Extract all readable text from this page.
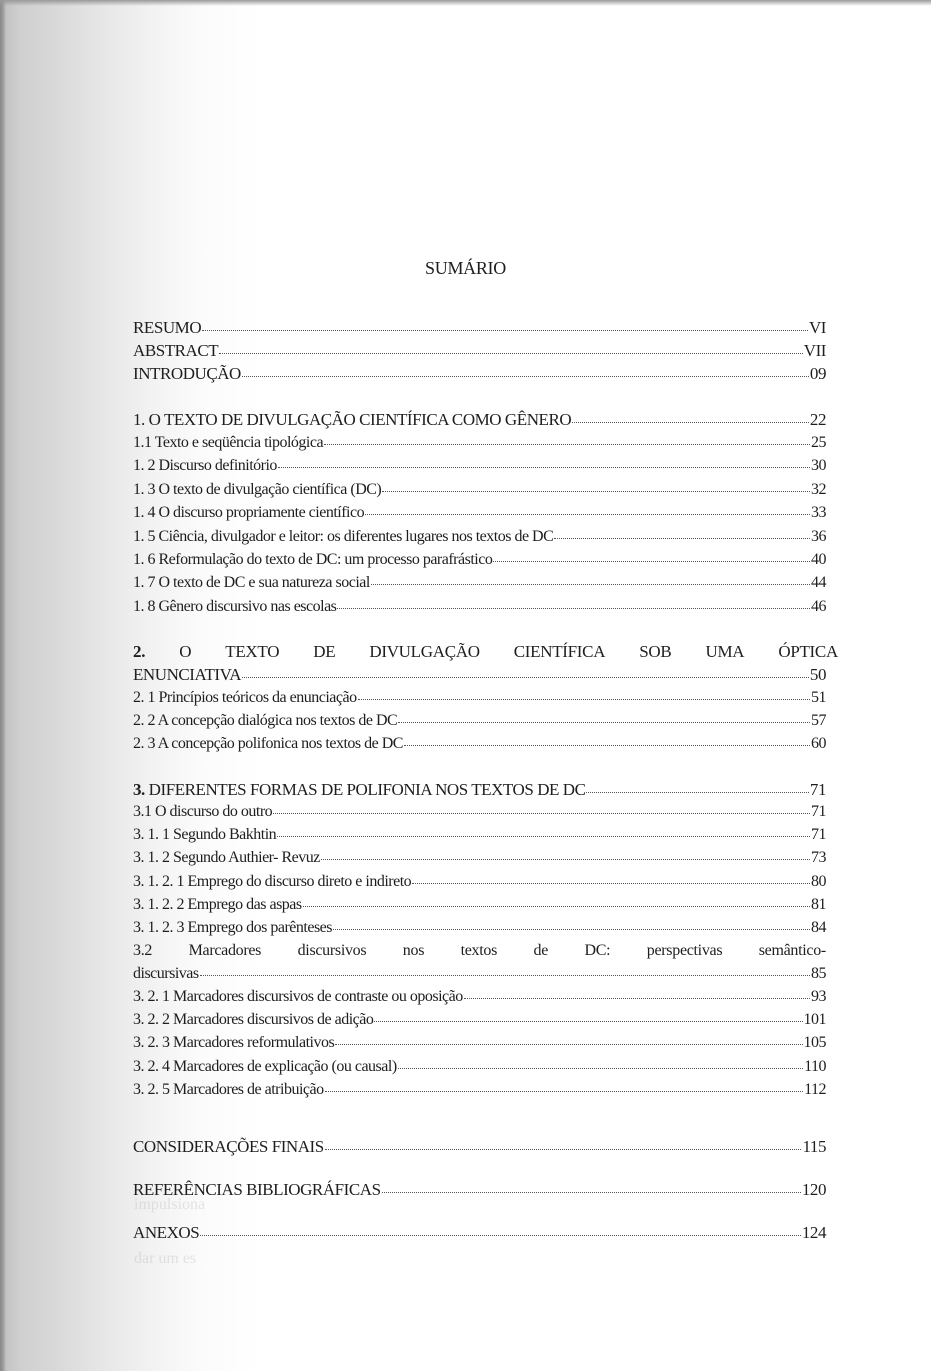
impulsiona
dar um es
SUMÁRIO
RESUMO	VI
ABSTRACT	VII
INTRODUÇÃO	09
1. O TEXTO DE DIVULGAÇÃO CIENTÍFICA COMO GÊNERO	22
1.1 Texto e seqüência tipológica	25
1. 2 Discurso definitório	30
1. 3 O texto de divulgação científica (DC)	32
1. 4 O discurso propriamente científico	33
1. 5 Ciência, divulgador e leitor: os diferentes lugares nos textos de DC	36
1. 6 Reformulação do texto de DC: um processo parafrástico	40
1. 7 O texto de DC e sua natureza social	44
1. 8 Gênero discursivo nas escolas	46
2. O TEXTO DE DIVULGAÇÃO CIENTÍFICA SOB UMA ÓPTICA
ENUNCIATIVA	50
2. 1 Princípios teóricos da enunciação	51
2. 2 A concepção dialógica nos textos de DC	57
2. 3 A concepção polifonica nos textos de DC	60
3. DIFERENTES FORMAS DE POLIFONIA NOS TEXTOS DE DC	71
3.1 O discurso do outro	71
3. 1. 1 Segundo Bakhtin	71
3. 1. 2 Segundo Authier- Revuz	73
3. 1. 2. 1 Emprego do discurso direto e indireto	80
3. 1. 2. 2 Emprego das aspas	81
3. 1. 2. 3 Emprego dos parênteses	84
3.2 Marcadores discursivos nos textos de DC: perspectivas semântico-
discursivas	85
3. 2. 1 Marcadores discursivos de contraste ou oposição	93
3. 2. 2 Marcadores discursivos de adição	101
3. 2. 3 Marcadores reformulativos	105
3. 2. 4 Marcadores de explicação (ou causal)	110
3. 2. 5 Marcadores de atribuição	112
CONSIDERAÇÕES FINAIS	115
REFERÊNCIAS BIBLIOGRÁFICAS	120
ANEXOS	124
